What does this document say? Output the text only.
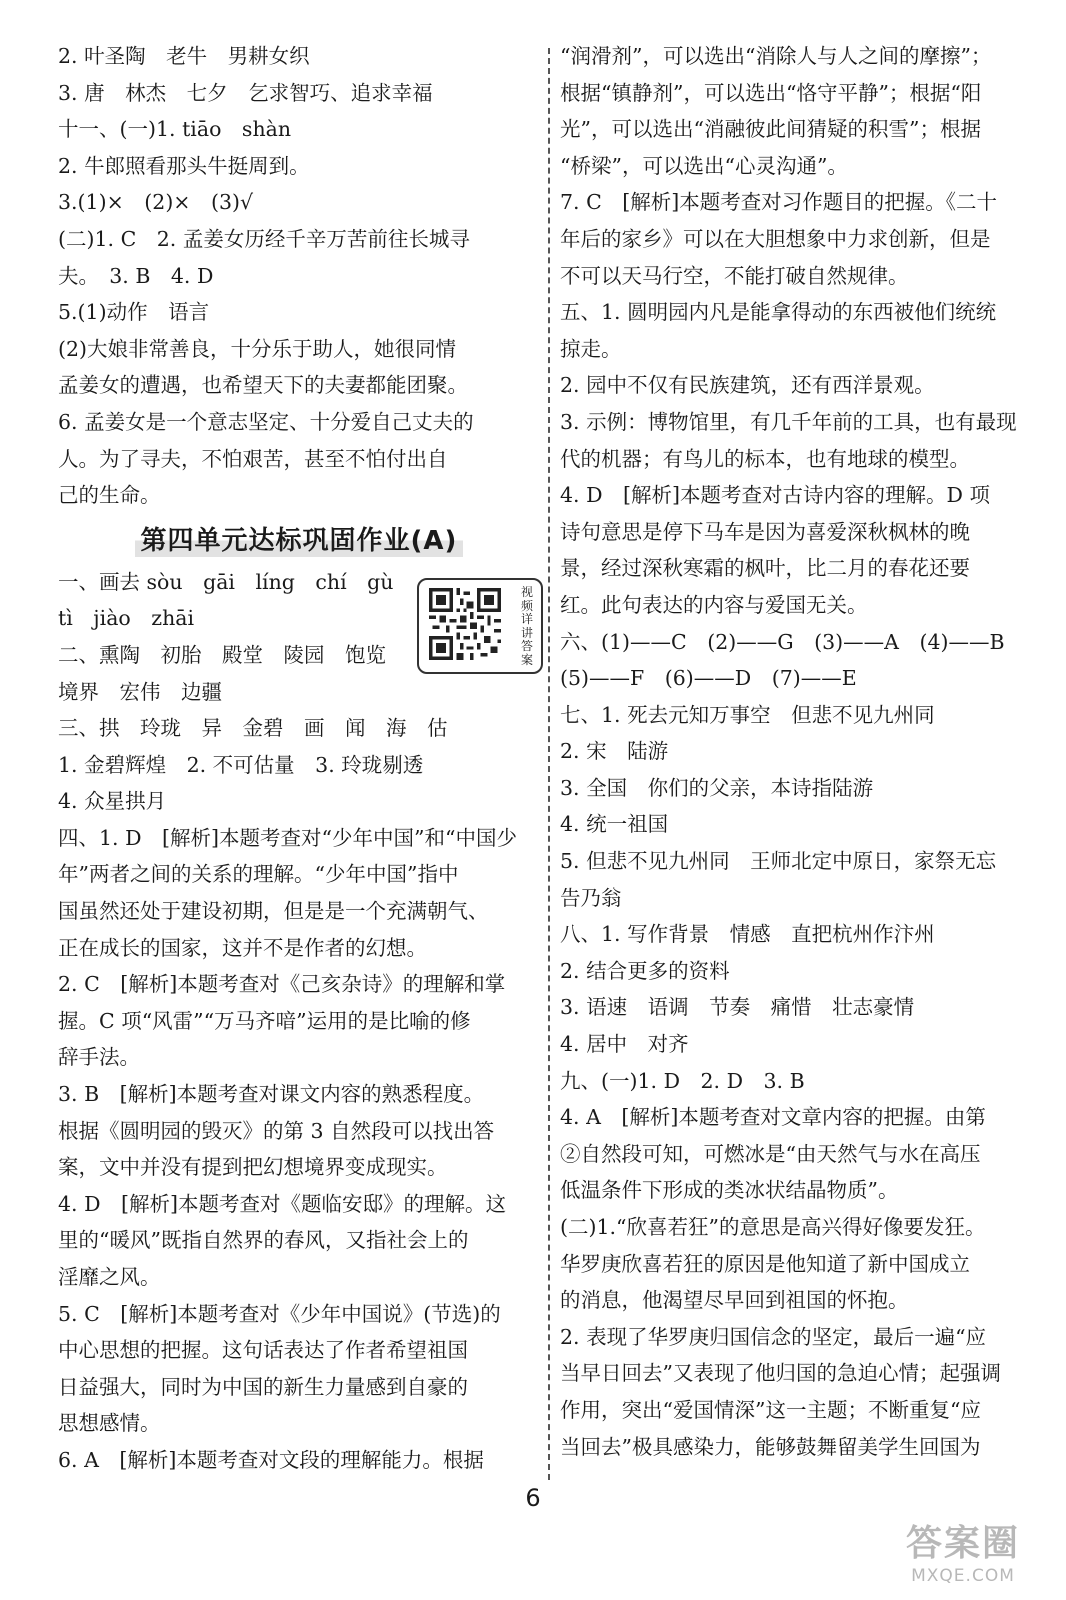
2. 叶圣陶　老牛　男耕女织
3. 唐　林杰　七夕　乞求智巧、追求幸福
十一、(一)1. tiāo　shàn
2. 牛郎照看那头牛挺周到。
3.(1)×　(2)×　(3)√
(二)1. C　2. 孟姜女历经千辛万苦前往长城寻
夫。　3. B　4. D
5.(1)动作　语言
(2)大娘非常善良，十分乐于助人，她很同情
孟姜女的遭遇，也希望天下的夫妻都能团聚。
6. 孟姜女是一个意志坚定、十分爱自己丈夫的
人。为了寻夫，不怕艰苦，甚至不怕付出自
己的生命。
第四单元达标巩固作业(A)
一、画去 sòu　gāi　líng　chí　gù
tì　jiào　zhāi
二、熏陶　初胎　殿堂　陵园　饱览
境界　宏伟　边疆
三、拱　玲珑　异　金碧　画　闻　海　估
1. 金碧辉煌　2. 不可估量　3. 玲珑剔透
4. 众星拱月
四、1. D　[解析]本题考查对“少年中国”和“中国少
年”两者之间的关系的理解。“少年中国”指中
国虽然还处于建设初期，但是是一个充满朝气、
正在成长的国家，这并不是作者的幻想。
2. C　[解析]本题考查对《己亥杂诗》的理解和掌
握。C 项“风雷”“万马齐喑”运用的是比喻的修
辞手法。
3. B　[解析]本题考查对课文内容的熟悉程度。
根据《圆明园的毁灭》的第 3 自然段可以找出答
案，文中并没有提到把幻想境界变成现实。
4. D　[解析]本题考查对《题临安邸》的理解。这
里的“暖风”既指自然界的春风，又指社会上的
淫靡之风。
5. C　[解析]本题考查对《少年中国说》(节选)的
中心思想的把握。这句话表达了作者希望祖国
日益强大，同时为中国的新生力量感到自豪的
思想感情。
6. A　[解析]本题考查对文段的理解能力。根据
“润滑剂”，可以选出“消除人与人之间的摩擦”；
根据“镇静剂”，可以选出“恪守平静”；根据“阳
光”，可以选出“消融彼此间猜疑的积雪”；根据
“桥梁”，可以选出“心灵沟通”。
7. C　[解析]本题考查对习作题目的把握。《二十
年后的家乡》可以在大胆想象中力求创新，但是
不可以天马行空，不能打破自然规律。
五、1. 圆明园内凡是能拿得动的东西被他们统统
掠走。
2. 园中不仅有民族建筑，还有西洋景观。
3. 示例：博物馆里，有几千年前的工具，也有最现
代的机器；有鸟儿的标本，也有地球的模型。
4. D　[解析]本题考查对古诗内容的理解。D 项
诗句意思是停下马车是因为喜爱深秋枫林的晚
景，经过深秋寒霜的枫叶，比二月的春花还要
红。此句表达的内容与爱国无关。
六、(1)——C　(2)——G　(3)——A　(4)——B
(5)——F　(6)——D　(7)——E
七、1. 死去元知万事空　但悲不见九州同
2. 宋　陆游
3. 全国　你们的父亲，本诗指陆游
4. 统一祖国
5. 但悲不见九州同　王师北定中原日，家祭无忘
告乃翁
八、1. 写作背景　情感　直把杭州作汴州
2. 结合更多的资料
3. 语速　语调　节奏　痛惜　壮志豪情
4. 居中　对齐
九、(一)1. D　2. D　3. B
4. A　[解析]本题考查对文章内容的把握。由第
②自然段可知，可燃冰是“由天然气与水在高压
低温条件下形成的类冰状结晶物质”。
(二)1.“欣喜若狂”的意思是高兴得好像要发狂。
华罗庚欣喜若狂的原因是他知道了新中国成立
的消息，他渴望尽早回到祖国的怀抱。
2. 表现了华罗庚归国信念的坚定，最后一遍“应
当早日回去”又表现了他归国的急迫心情；起强调
作用，突出“爱国情深”这一主题；不断重复“应
当回去”极具感染力，能够鼓舞留美学生回国为
视频详讲答案
6
答案圈
MXQE.COM
